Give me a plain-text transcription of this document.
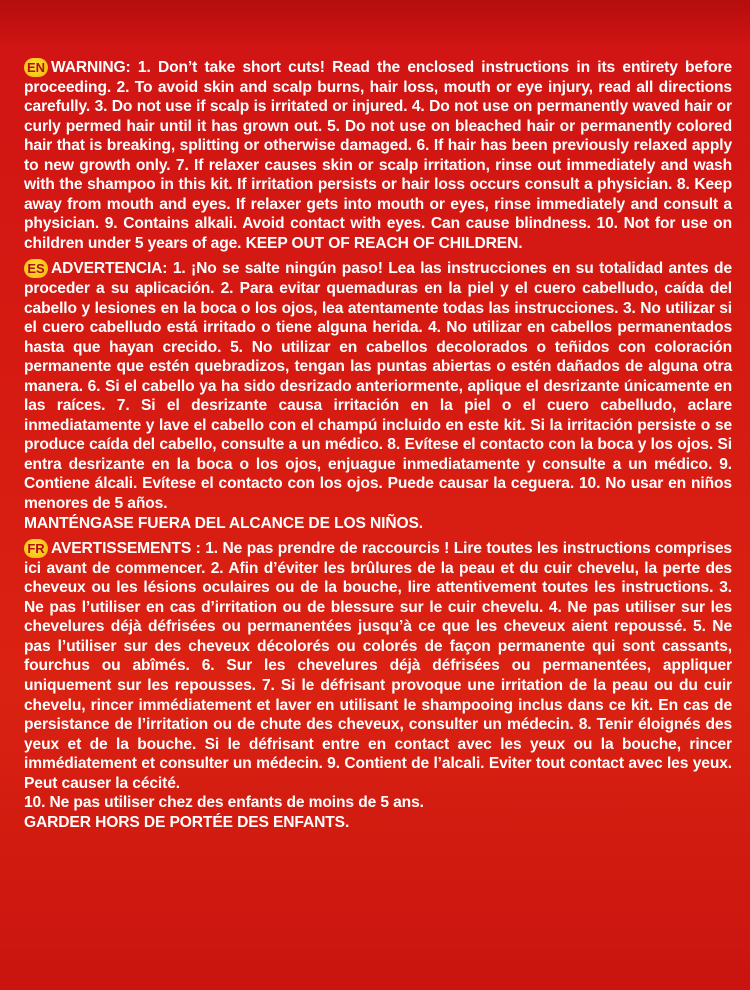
EN WARNING: 1. Don’t take short cuts! Read the enclosed instructions in its entirety before proceeding. 2. To avoid skin and scalp burns, hair loss, mouth or eye injury, read all directions carefully. 3. Do not use if scalp is irritated or injured. 4. Do not use on permanently waved hair or curly permed hair until it has grown out. 5. Do not use on bleached hair or permanently colored hair that is breaking, splitting or otherwise damaged. 6. If hair has been previously relaxed apply to new growth only. 7. If relaxer causes skin or scalp irritation, rinse out immediately and wash with the shampoo in this kit. If irritation persists or hair loss occurs consult a physician. 8. Keep away from mouth and eyes. If relaxer gets into mouth or eyes, rinse immediately and consult a physician. 9. Contains alkali. Avoid contact with eyes. Can cause blindness. 10. Not for use on children under 5 years of age. KEEP OUT OF REACH OF CHILDREN.

ES ADVERTENCIA: 1. ¡No se salte ningún paso! Lea las instrucciones en su totalidad antes de proceder a su aplicación. 2. Para evitar quemaduras en la piel y el cuero cabelludo, caída del cabello y lesiones en la boca o los ojos, lea atentamente todas las instrucciones. 3. No utilizar si el cuero cabelludo está irritado o tiene alguna herida. 4. No utilizar en cabellos permanentados hasta que hayan crecido. 5. No utilizar en cabellos decolorados o teñidos con coloración permanente que estén quebradizos, tengan las puntas abiertas o estén dañados de alguna otra manera. 6. Si el cabello ya ha sido desrizado anteriormente, aplique el desrizante únicamente en las raíces. 7. Si el desrizante causa irritación en la piel o el cuero cabelludo, aclare inmediatamente y lave el cabello con el champú incluido en este kit. Si la irritación persiste o se produce caída del cabello, consulte a un médico. 8. Evítese el contacto con la boca y los ojos. Si entra desrizante en la boca o los ojos, enjuague inmediatamente y consulte a un médico. 9. Contiene álcali. Evítese el contacto con los ojos. Puede causar la ceguera. 10. No usar en niños menores de 5 años.
MANTÉNGASE FUERA DEL ALCANCE DE LOS NIÑOS.

FR AVERTISSEMENTS : 1. Ne pas prendre de raccourcis ! Lire toutes les instructions comprises ici avant de commencer. 2. Afin d’éviter les brûlures de la peau et du cuir chevelu, la perte des cheveux ou les lésions oculaires ou de la bouche, lire attentivement toutes les instructions. 3. Ne pas l’utiliser en cas d’irritation ou de blessure sur le cuir chevelu. 4. Ne pas utiliser sur les chevelures déjà défrisées ou permanentées jusqu’à ce que les cheveux aient repoussé. 5. Ne pas l’utiliser sur des cheveux décolorés ou colorés de façon permanente qui sont cassants, fourchus ou abîmés. 6. Sur les chevelures déjà défrisées ou permanentées, appliquer uniquement sur les repousses. 7. Si le défrisant provoque une irritation de la peau ou du cuir chevelu, rincer immédiatement et laver en utilisant le shampooing inclus dans ce kit. En cas de persistance de l’irritation ou de chute des cheveux, consulter un médecin. 8. Tenir éloignés des yeux et de la bouche. Si le défrisant entre en contact avec les yeux ou la bouche, rincer immédiatement et consulter un médecin. 9. Contient de l’alcali. Eviter tout contact avec les yeux. Peut causer la cécité.
10. Ne pas utiliser chez des enfants de moins de 5 ans.
GARDER HORS DE PORTÉE DES ENFANTS.
